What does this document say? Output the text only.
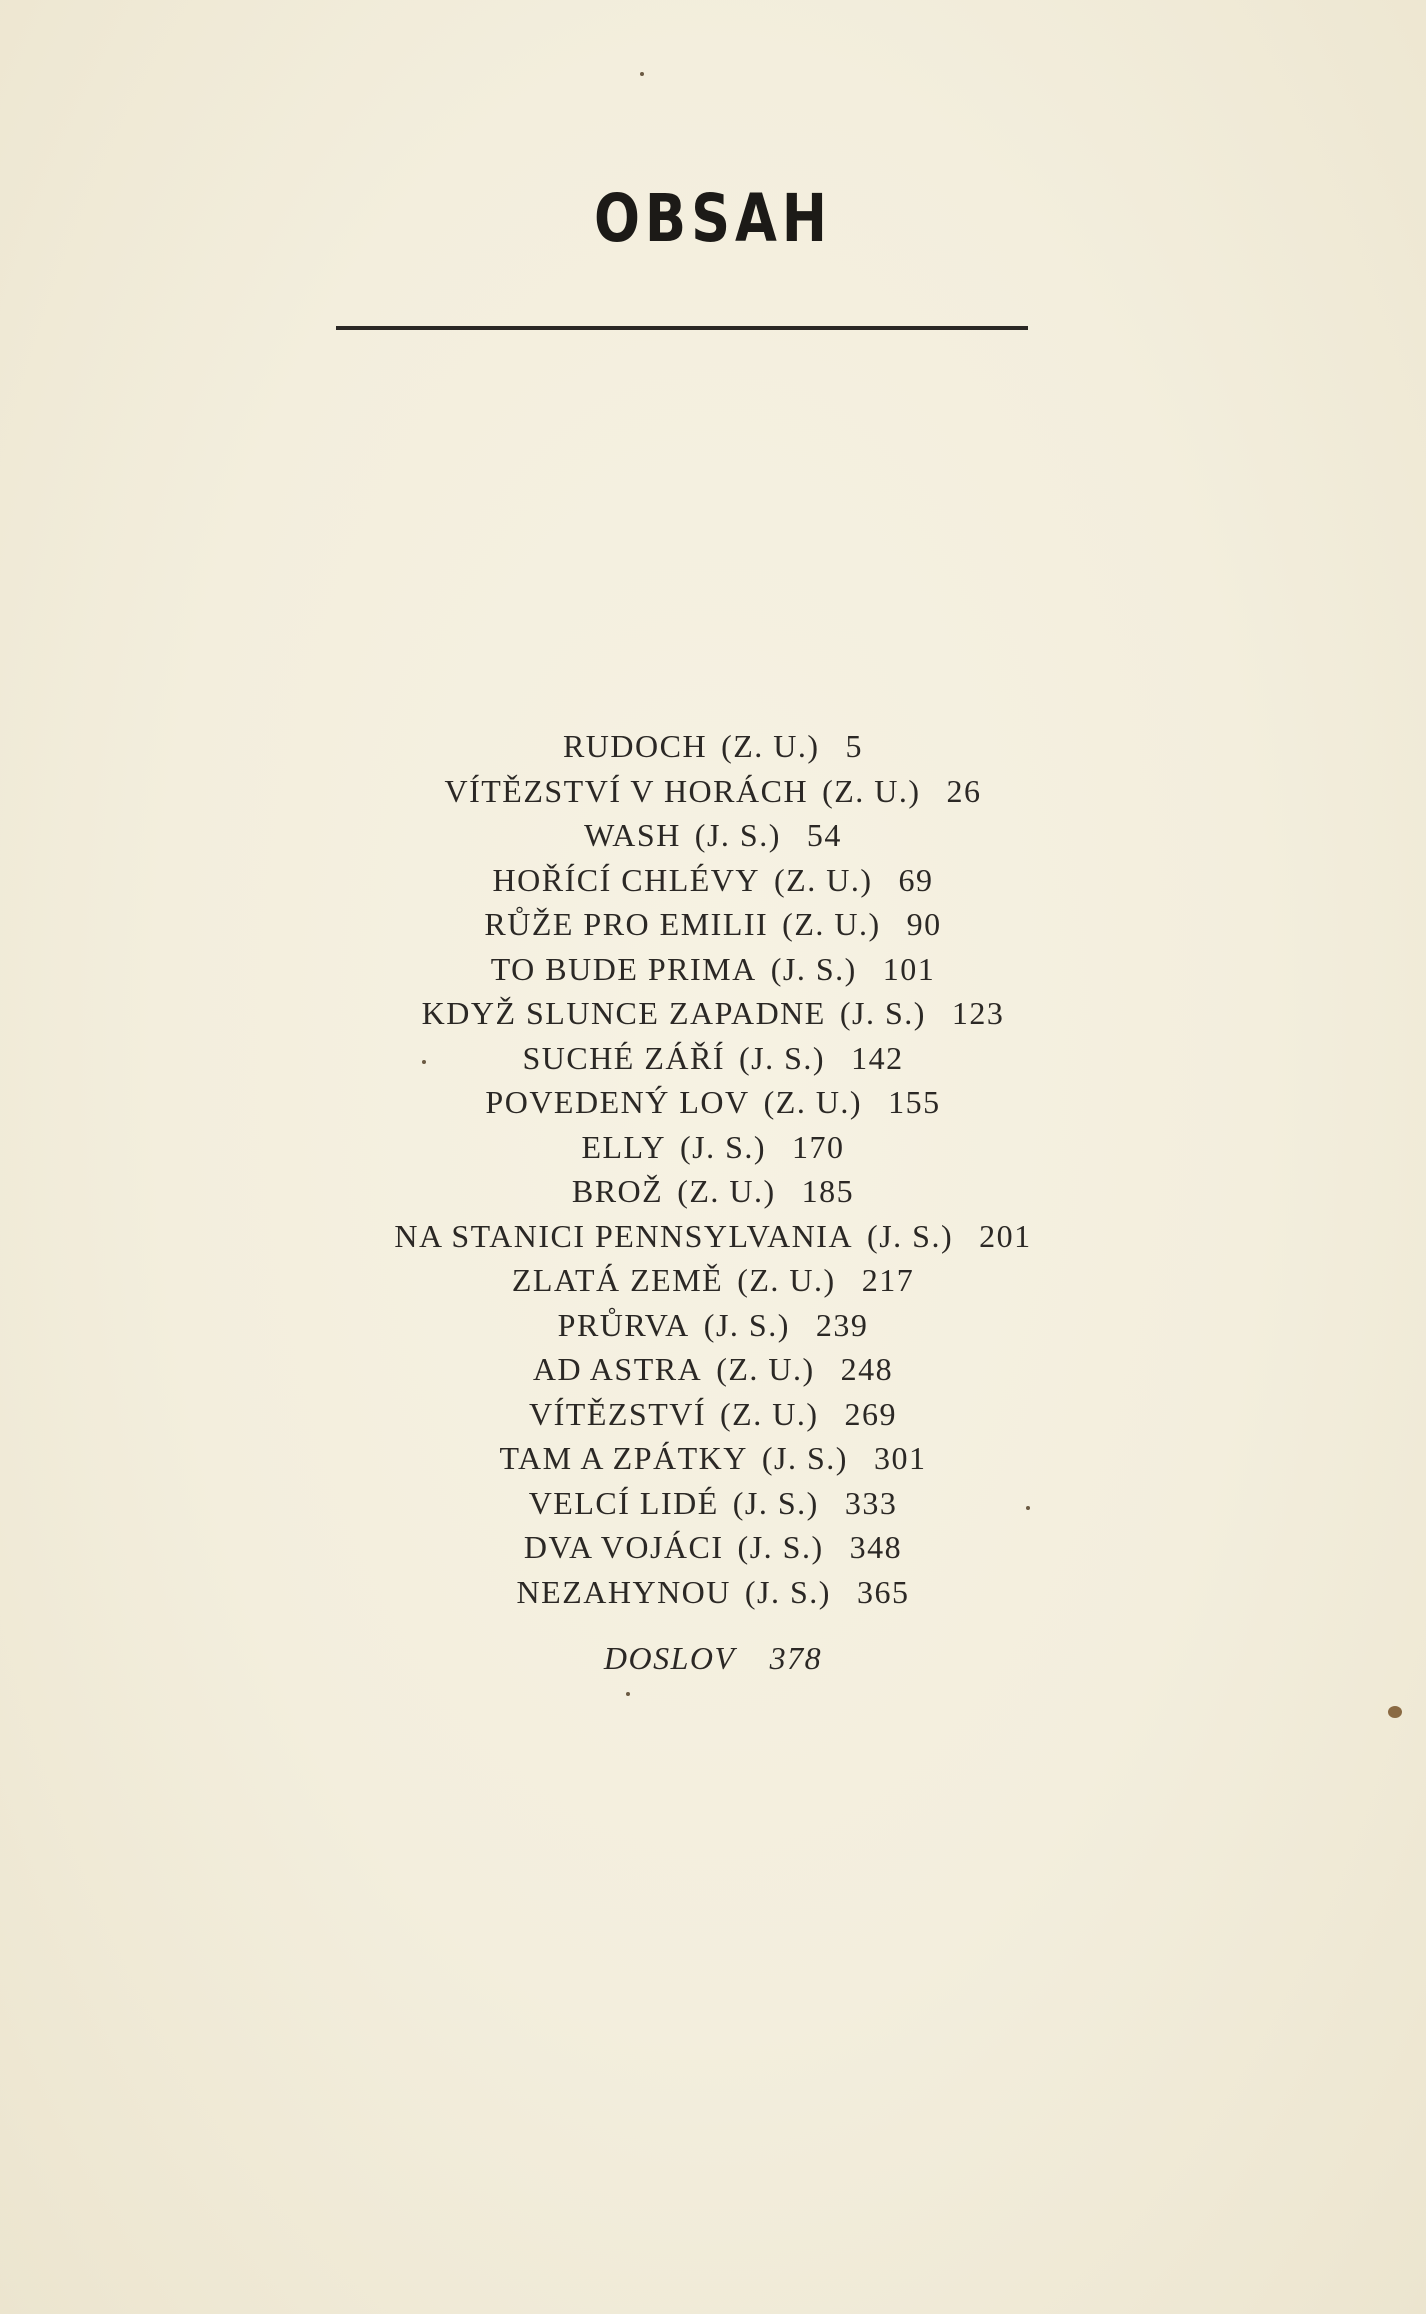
OBSAH
RUDOCH (Z. U.) 5
VÍTĚZSTVÍ V HORÁCH (Z. U.) 26
WASH (J. S.) 54
HOŘÍCÍ CHLÉVY (Z. U.) 69
RŮŽE PRO EMILII (Z. U.) 90
TO BUDE PRIMA (J. S.) 101
KDYŽ SLUNCE ZAPADNE (J. S.) 123
SUCHÉ ZÁŘÍ (J. S.) 142
POVEDENÝ LOV (Z. U.) 155
ELLY (J. S.) 170
BROŽ (Z. U.) 185
NA STANICI PENNSYLVANIA (J. S.) 201
ZLATÁ ZEMĚ (Z. U.) 217
PRŮRVA (J. S.) 239
AD ASTRA (Z. U.) 248
VÍTĚZSTVÍ (Z. U.) 269
TAM A ZPÁTKY (J. S.) 301
VELCÍ LIDÉ (J. S.) 333
DVA VOJÁCI (J. S.) 348
NEZAHYNOU (J. S.) 365
DOSLOV 378
